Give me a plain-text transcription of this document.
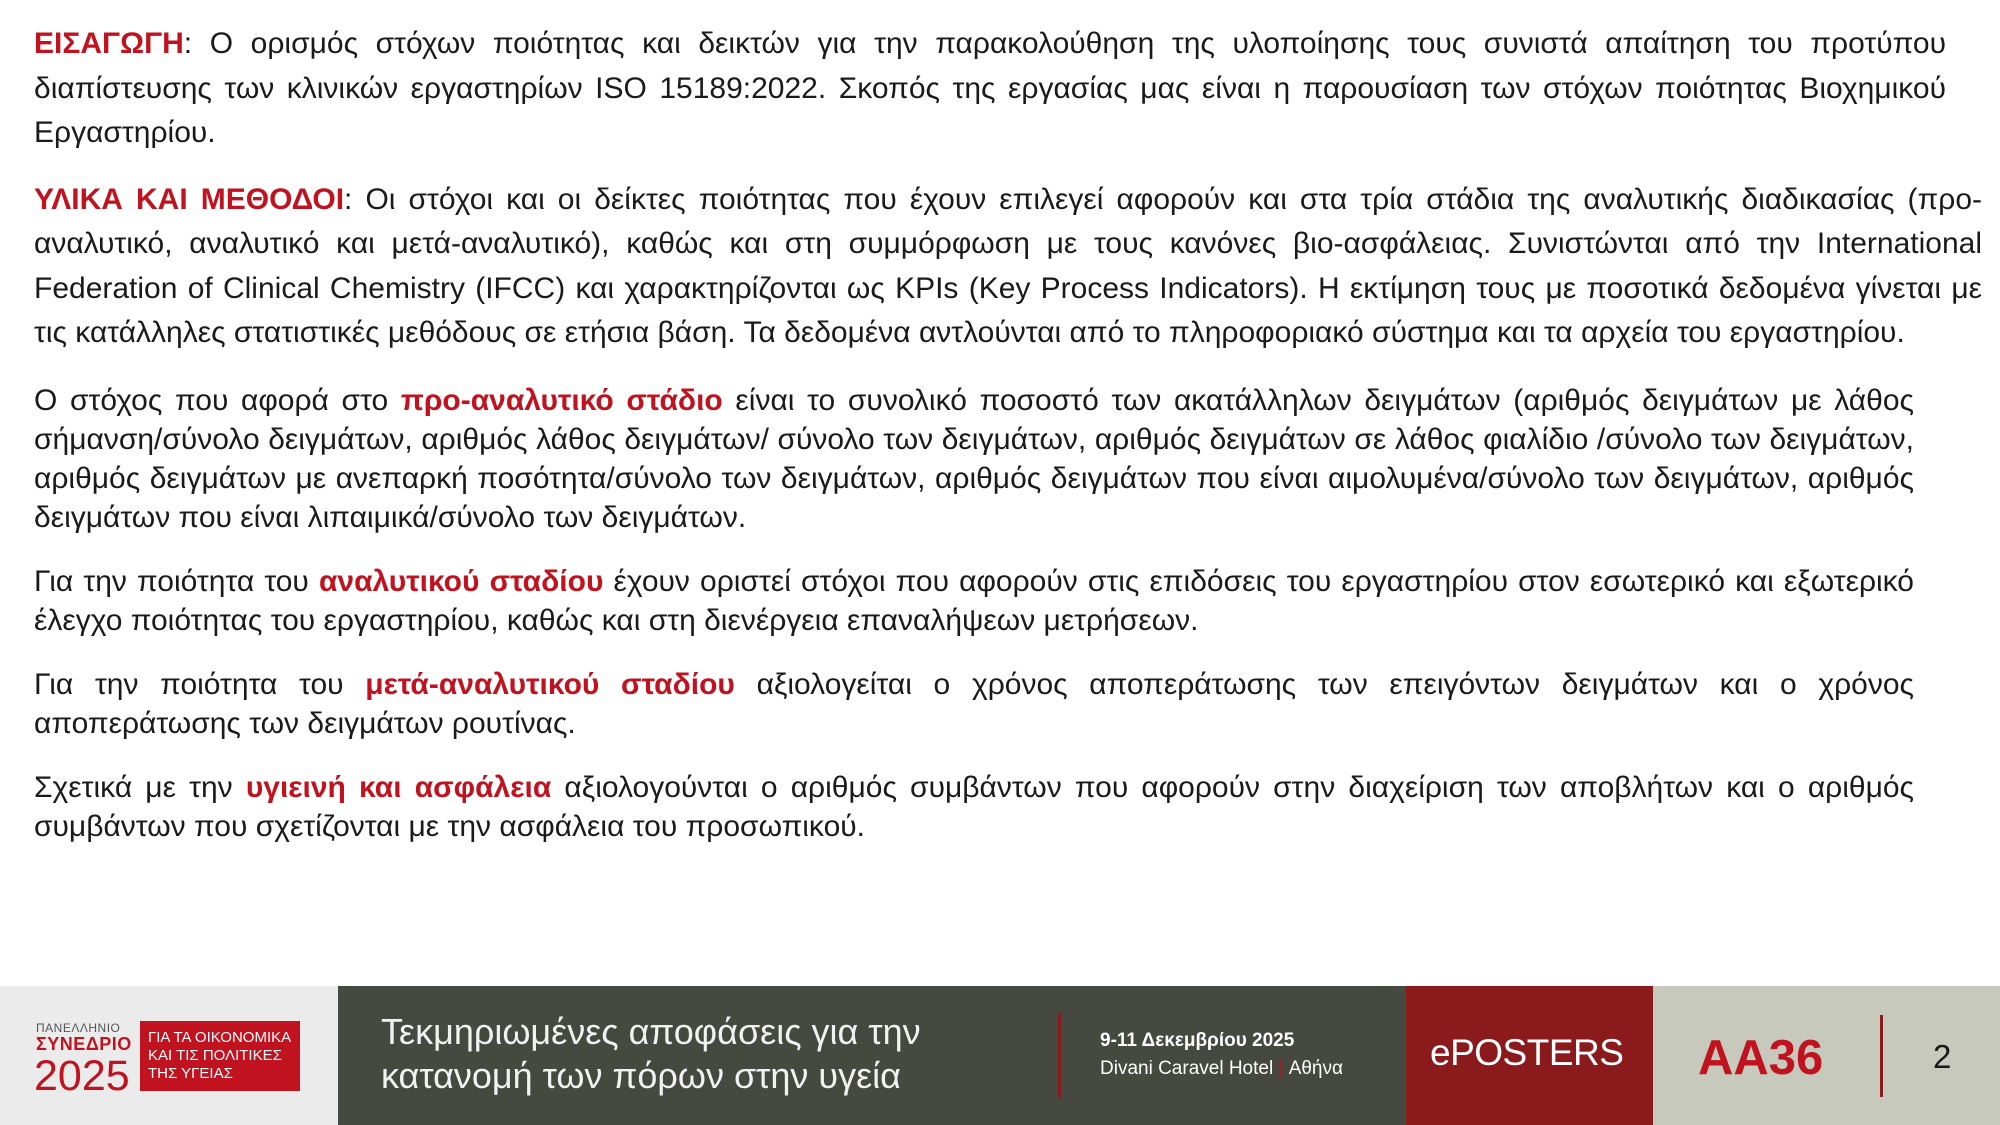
ΕΙΣΑΓΩΓΗ: Ο ορισμός στόχων ποιότητας και δεικτών για την παρακολούθηση της υλοποίησης τους συνιστά απαίτηση του προτύπου διαπίστευσης των κλινικών εργαστηρίων ISO 15189:2022. Σκοπός της εργασίας μας είναι η παρουσίαση των στόχων ποιότητας Βιοχημικού Εργαστηρίου.

ΥΛΙΚΑ ΚΑΙ ΜΕΘΟΔΟΙ: Οι στόχοι και οι δείκτες ποιότητας που έχουν επιλεγεί αφορούν και στα τρία στάδια της αναλυτικής διαδικασίας (προ-αναλυτικό, αναλυτικό και μετά-αναλυτικό), καθώς και στη συμμόρφωση με τους κανόνες βιο-ασφάλειας. Συνιστώνται από την International Federation of Clinical Chemistry (IFCC) και χαρακτηρίζονται ως KPIs (Key Process Indicators). Η εκτίμηση τους με ποσοτικά δεδομένα γίνεται με τις κατάλληλες στατιστικές μεθόδους σε ετήσια βάση. Τα δεδομένα αντλούνται από το πληροφοριακό σύστημα και τα αρχεία του εργαστηρίου.

Ο στόχος που αφορά στο προ-αναλυτικό στάδιο είναι το συνολικό ποσοστό των ακατάλληλων δειγμάτων (αριθμός δειγμάτων με λάθος σήμανση/σύνολο δειγμάτων, αριθμός λάθος δειγμάτων/ σύνολο των δειγμάτων, αριθμός δειγμάτων σε λάθος φιαλίδιο /σύνολο των δειγμάτων, αριθμός δειγμάτων με ανεπαρκή ποσότητα/σύνολο των δειγμάτων, αριθμός δειγμάτων που είναι αιμολυμένα/σύνολο των δειγμάτων, αριθμός δειγμάτων που είναι λιπαιμικά/σύνολο των δειγμάτων.

Για την ποιότητα του αναλυτικού σταδίου έχουν οριστεί στόχοι που αφορούν στις επιδόσεις του εργαστηρίου στον εσωτερικό και εξωτερικό έλεγχο ποιότητας του εργαστηρίου, καθώς και στη διενέργεια επαναλήψεων μετρήσεων.

Για την ποιότητα του μετά-αναλυτικού σταδίου αξιολογείται ο χρόνος αποπεράτωσης των επειγόντων δειγμάτων και ο χρόνος αποπεράτωσης των δειγμάτων ρουτίνας.

Σχετικά με την υγιεινή και ασφάλεια αξιολογούνται ο αριθμός συμβάντων που αφορούν στην διαχείριση των αποβλήτων και ο αριθμός συμβάντων που σχετίζονται με την ασφάλεια του προσωπικού.

ΠΑΝΕΛΛΗΝΙΟ
ΣΥΝΕΔΡΙΟ
2025
ΓΙΑ ΤΑ ΟΙΚΟΝΟΜΙΚΑ
ΚΑΙ ΤΙΣ ΠΟΛΙΤΙΚΕΣ
ΤΗΣ ΥΓΕΙΑΣ
Τεκμηριωμένες αποφάσεις για την
κατανομή των πόρων στην υγεία
9-11 Δεκεμβρίου 2025
Divani Caravel Hotel | Αθήνα ePOSTERS AA36	2
